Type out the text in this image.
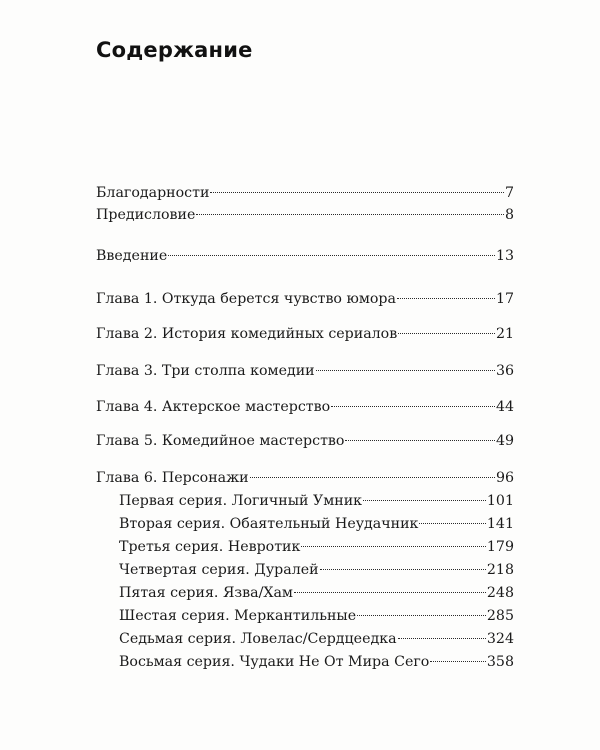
Содержание
Благодарности	7
Предисловие	8
Введение	13
Глава 1. Откуда берется чувство юмора	17
Глава 2. История комедийных сериалов	21
Глава 3. Три столпа комедии	36
Глава 4. Актерское мастерство	44
Глава 5. Комедийное мастерство	49
Глава 6. Персонажи	96
Первая серия. Логичный Умник	101
Вторая серия. Обаятельный Неудачник	141
Третья серия. Невротик	179
Четвертая серия. Дуралей	218
Пятая серия. Язва/Хам	248
Шестая серия. Меркантильные	285
Седьмая серия. Ловелас/Сердцеедка	324
Восьмая серия. Чудаки Не От Мира Сего	358
